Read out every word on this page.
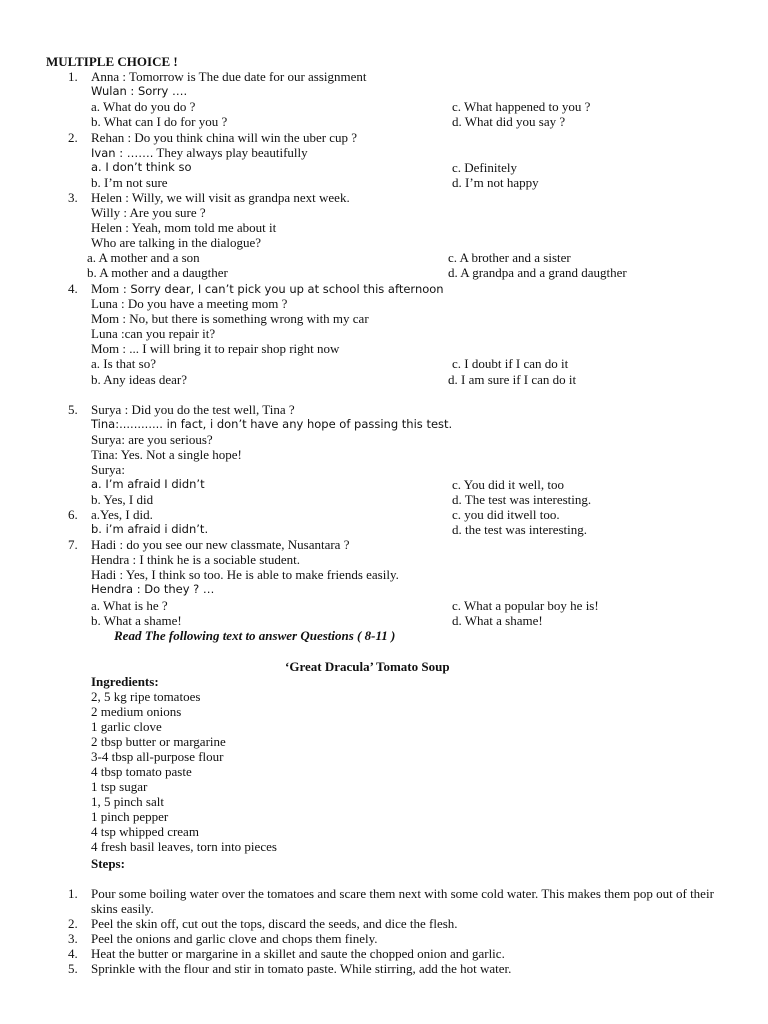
MULTIPLE CHOICE !
1. Anna : Tomorrow is The due date for our assignment
Wulan : Sorry ….
a. What do you do ?	c. What happened to you ?
b. What can I do for you ?	d. What did you say ?
2. Rehan : Do you think china will win the uber cup ?
Ivan : ……. They always play beautifully
a. I don’t think so	c. Definitely
b. I’m not sure	d. I’m not happy
3. Helen : Willy, we will visit as grandpa next week.
Willy : Are you sure ?
Helen : Yeah, mom told me about it
Who are talking in the dialogue?
a. A mother and a son	c. A brother and a sister
b. A mother and a daugther	d. A grandpa and a grand daugther
4. Mom : Sorry dear, I can’t pick you up at school this afternoon
Luna : Do you have a meeting mom ?
Mom : No, but there is something wrong with my car
Luna :can you repair it?
Mom : ... I will bring it to repair shop right now
a. Is that so?	c. I doubt if I can do it
b. Any ideas dear?	d. I am sure if I can do it
5. Surya : Did you do the test well, Tina ?
Tina:............ in fact, i don’t have any hope of passing this test.
Surya: are you serious?
Tina: Yes. Not a single hope!
Surya:
a. I’m afraid I didn’t	c. You did it well, too
b. Yes, I did	d. The test was interesting.
6. a.Yes, I did.	c. you did itwell too.
b. i’m afraid i didn’t.	d. the test was interesting.
7. Hadi : do you see our new classmate, Nusantara ?
Hendra : I think he is a sociable student.
Hadi : Yes, I think so too. He is able to make friends easily.
Hendra : Do they ? …
a. What is he ?	c. What a popular boy he is!
b. What a shame!	d. What a shame!
Read The following text to answer Questions ( 8-11 )
‘Great Dracula’ Tomato Soup
Ingredients:
2, 5 kg ripe tomatoes
2 medium onions
1 garlic clove
2 tbsp butter or margarine
3-4 tbsp all-purpose flour
4 tbsp tomato paste
1 tsp sugar
1, 5 pinch salt
1 pinch pepper
4 tsp whipped cream
4 fresh basil leaves, torn into pieces
Steps:
1. Pour some boiling water over the tomatoes and scare them next with some cold water. This makes them pop out of their skins easily.
2. Peel the skin off, cut out the tops, discard the seeds, and dice the flesh.
3. Peel the onions and garlic clove and chops them finely.
4. Heat the butter or margarine in a skillet and saute the chopped onion and garlic.
5. Sprinkle with the flour and stir in tomato paste. While stirring, add the hot water.
